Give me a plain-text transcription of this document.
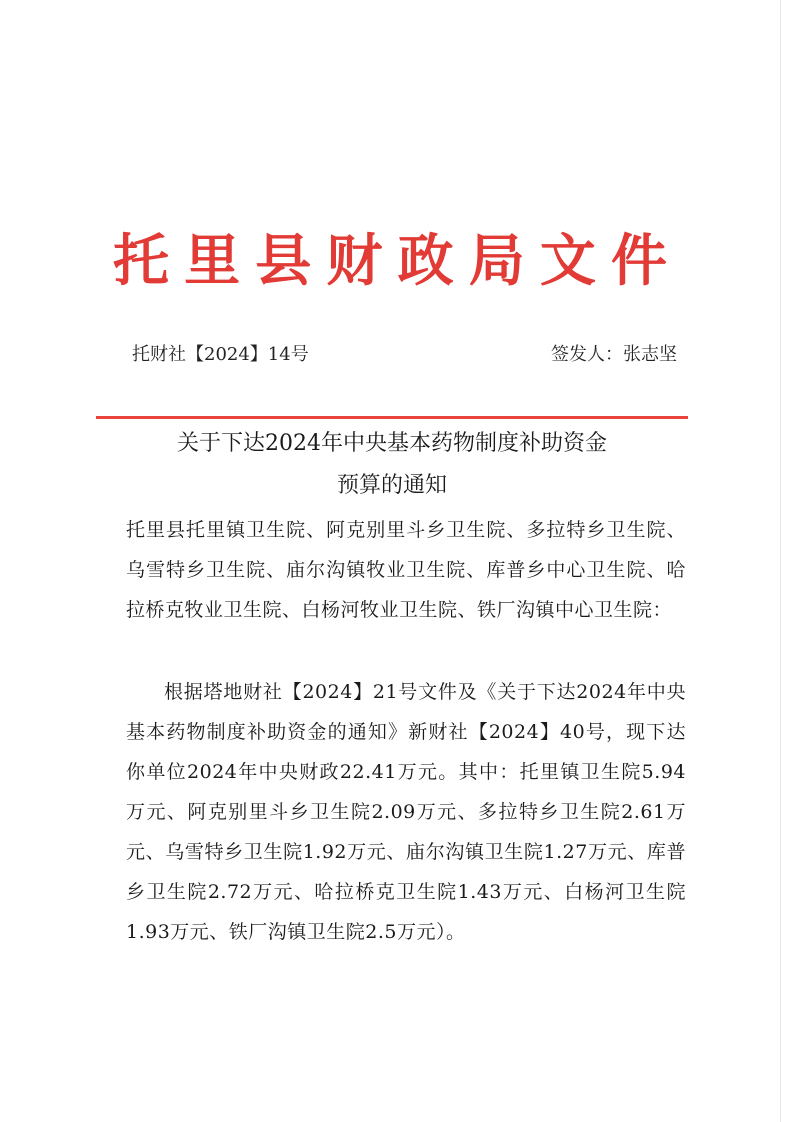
托 里 县 财 政 局 文 件
托财社【2024】14号	签发人：张志坚
关于下达2024年中央基本药物制度补助资金
预算的通知
托里县托里镇卫生院、阿克别里斗乡卫生院、多拉特乡卫生院、乌雪特乡卫生院、庙尔沟镇牧业卫生院、库普乡中心卫生院、哈拉桥克牧业卫生院、白杨河牧业卫生院、铁厂沟镇中心卫生院：
根据塔地财社【2024】21号文件及《关于下达2024年中央基本药物制度补助资金的通知》新财社【2024】40号，现下达你单位2024年中央财政22.41万元。其中：托里镇卫生院5.94万元、阿克别里斗乡卫生院2.09万元、多拉特乡卫生院2.61万元、乌雪特乡卫生院1.92万元、庙尔沟镇卫生院1.27万元、库普乡卫生院2.72万元、哈拉桥克卫生院1.43万元、白杨河卫生院1.93万元、铁厂沟镇卫生院2.5万元）。
